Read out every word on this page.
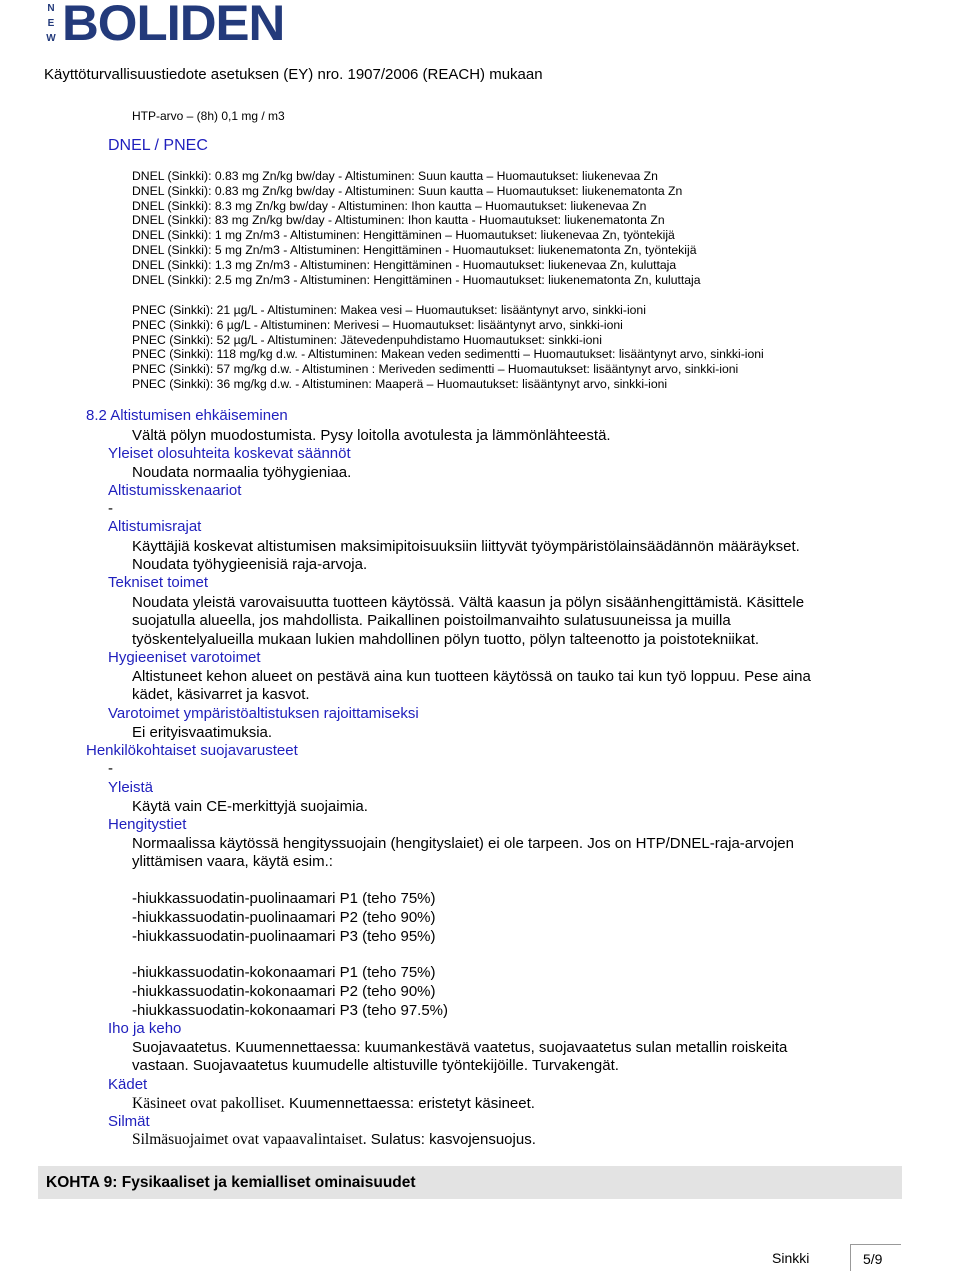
N
E
W BOLIDEN
Käyttöturvallisuustiedote asetuksen (EY) nro. 1907/2006 (REACH) mukaan
HTP-arvo – (8h) 0,1 mg / m3
DNEL / PNEC
DNEL (Sinkki): 0.83 mg Zn/kg bw/day - Altistuminen: Suun kautta – Huomautukset: liukenevaa Zn
DNEL (Sinkki): 0.83 mg Zn/kg bw/day - Altistuminen: Suun kautta – Huomautukset: liukenematonta Zn
DNEL (Sinkki): 8.3 mg Zn/kg bw/day - Altistuminen: Ihon kautta – Huomautukset: liukenevaa Zn
DNEL (Sinkki): 83 mg Zn/kg bw/day - Altistuminen: Ihon kautta - Huomautukset: liukenematonta Zn
DNEL (Sinkki): 1 mg Zn/m3 - Altistuminen: Hengittäminen – Huomautukset: liukenevaa Zn, työntekijä
DNEL (Sinkki): 5 mg Zn/m3 - Altistuminen: Hengittäminen - Huomautukset: liukenematonta Zn, työntekijä
DNEL (Sinkki): 1.3 mg Zn/m3 - Altistuminen: Hengittäminen - Huomautukset: liukenevaa Zn, kuluttaja
DNEL (Sinkki): 2.5 mg Zn/m3 - Altistuminen: Hengittäminen - Huomautukset: liukenematonta Zn, kuluttaja
PNEC (Sinkki): 21 µg/L - Altistuminen: Makea vesi – Huomautukset: lisääntynyt arvo, sinkki-ioni
PNEC (Sinkki): 6 µg/L - Altistuminen: Merivesi – Huomautukset: lisääntynyt arvo, sinkki-ioni
PNEC (Sinkki): 52 µg/L - Altistuminen: Jätevedenpuhdistamo Huomautukset: sinkki-ioni
PNEC (Sinkki): 118 mg/kg d.w. - Altistuminen: Makean veden sedimentti – Huomautukset: lisääntynyt arvo, sinkki-ioni
PNEC (Sinkki): 57 mg/kg d.w. - Altistuminen : Meriveden sedimentti – Huomautukset: lisääntynyt arvo, sinkki-ioni
PNEC (Sinkki): 36 mg/kg d.w. - Altistuminen: Maaperä – Huomautukset: lisääntynyt arvo, sinkki-ioni
8.2 Altistumisen ehkäiseminen
Vältä pölyn muodostumista. Pysy loitolla avotulesta ja lämmönlähteestä.
Yleiset olosuhteita koskevat säännöt
Noudata normaalia työhygieniaa.
Altistumisskenaariot
-
Altistumisrajat
Käyttäjiä koskevat altistumisen maksimipitoisuuksiin liittyvät työympäristölainsäädännön määräykset.
Noudata työhygieenisiä raja-arvoja.
Tekniset toimet
Noudata yleistä varovaisuutta tuotteen käytössä. Vältä kaasun ja pölyn sisäänhengittämistä. Käsittele
suojatulla alueella, jos mahdollista. Paikallinen poistoilmanvaihto sulatusuuneissa ja muilla
työskentelyalueilla mukaan lukien mahdollinen pölyn tuotto, pölyn talteenotto ja poistotekniikat.
Hygieeniset varotoimet
Altistuneet kehon alueet on pestävä aina kun tuotteen käytössä on tauko tai kun työ loppuu. Pese aina
kädet, käsivarret ja kasvot.
Varotoimet ympäristöaltistuksen rajoittamiseksi
Ei erityisvaatimuksia.
Henkilökohtaiset suojavarusteet
-
Yleistä
Käytä vain CE-merkittyjä suojaimia.
Hengitystiet
Normaalissa käytössä hengityssuojain (hengityslaiet) ei ole tarpeen. Jos on HTP/DNEL-raja-arvojen
ylittämisen vaara, käytä esim.:
-hiukkassuodatin-puolinaamari P1 (teho 75%)
-hiukkassuodatin-puolinaamari P2 (teho 90%)
-hiukkassuodatin-puolinaamari P3 (teho 95%)
-hiukkassuodatin-kokonaamari P1 (teho 75%)
-hiukkassuodatin-kokonaamari P2 (teho 90%)
-hiukkassuodatin-kokonaamari P3 (teho 97.5%)
Iho ja keho
Suojavaatetus. Kuumennettaessa: kuumankestävä vaatetus, suojavaatetus sulan metallin roiskeita
vastaan. Suojavaatetus kuumudelle altistuville työntekijöille. Turvakengät.
Kädet
Käsineet ovat pakolliset. Kuumennettaessa: eristetyt käsineet.
Silmät
Silmäsuojaimet ovat vapaavalintaiset. Sulatus: kasvojensuojus.
KOHTA 9: Fysikaaliset ja kemialliset ominaisuudet
Sinkki	5/9
